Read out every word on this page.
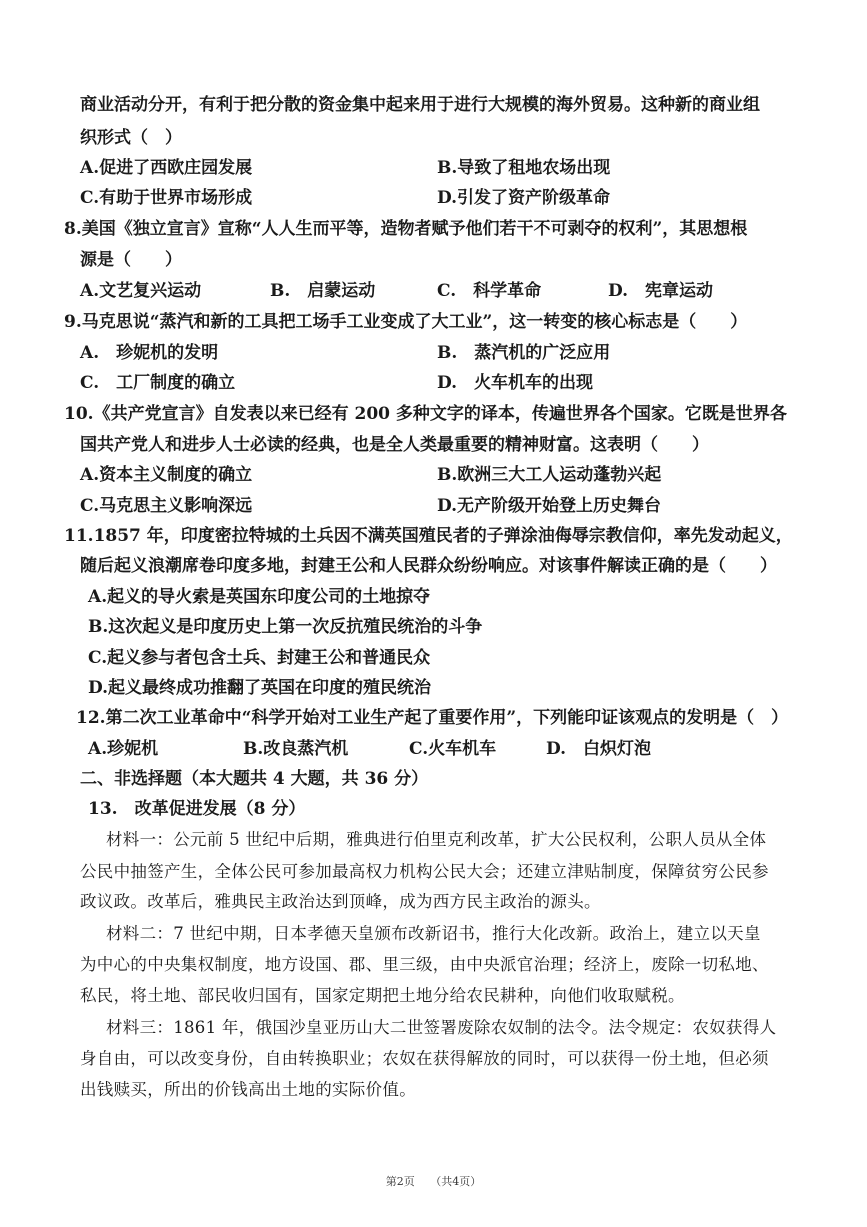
商业活动分开，有利于把分散的资金集中起来用于进行大规模的海外贸易。这种新的商业组
织形式（　）
A.促进了西欧庄园发展	B.导致了租地农场出现
C.有助于世界市场形成	D.引发了资产阶级革命
8.美国《独立宣言》宣称“人人生而平等，造物者赋予他们若干不可剥夺的权利”，其思想根
源是（　　）
A.文艺复兴运动	B.　启蒙运动	C.　科学革命	D.　宪章运动
9.马克思说“蒸汽和新的工具把工场手工业变成了大工业”，这一转变的核心标志是（　　）
A.　珍妮机的发明	B.　蒸汽机的广泛应用
C.　工厂制度的确立	D.　火车机车的出现
10.《共产党宣言》自发表以来已经有 200 多种文字的译本，传遍世界各个国家。它既是世界各
国共产党人和进步人士必读的经典，也是全人类最重要的精神财富。这表明（　　）
A.资本主义制度的确立	B.欧洲三大工人运动蓬勃兴起
C.马克思主义影响深远	D.无产阶级开始登上历史舞台
11.1857 年，印度密拉特城的土兵因不满英国殖民者的子弹涂油侮辱宗教信仰，率先发动起义，
随后起义浪潮席卷印度多地，封建王公和人民群众纷纷响应。对该事件解读正确的是（　　）
A.起义的导火索是英国东印度公司的土地掠夺
B.这次起义是印度历史上第一次反抗殖民统治的斗争
C.起义参与者包含土兵、封建王公和普通民众
D.起义最终成功推翻了英国在印度的殖民统治
12.第二次工业革命中“科学开始对工业生产起了重要作用”，下列能印证该观点的发明是（　）
A.珍妮机	B.改良蒸汽机	C.火车机车	D.　白炽灯泡
二、非选择题（本大题共 4 大题，共 36 分）
13.　改革促进发展（8 分）
材料一：公元前 5 世纪中后期，雅典进行伯里克利改革，扩大公民权利，公职人员从全体
公民中抽签产生，全体公民可参加最高权力机构公民大会；还建立津贴制度，保障贫穷公民参
政议政。改革后，雅典民主政治达到顶峰，成为西方民主政治的源头。
材料二：7 世纪中期，日本孝德天皇颁布改新诏书，推行大化改新。政治上，建立以天皇
为中心的中央集权制度，地方设国、郡、里三级，由中央派官治理；经济上，废除一切私地、
私民，将土地、部民收归国有，国家定期把土地分给农民耕种，向他们收取赋税。
材料三：1861 年，俄国沙皇亚历山大二世签署废除农奴制的法令。法令规定：农奴获得人
身自由，可以改变身份，自由转换职业；农奴在获得解放的同时，可以获得一份土地，但必须
出钱赎买，所出的价钱高出土地的实际价值。
第2页 （共4页）
